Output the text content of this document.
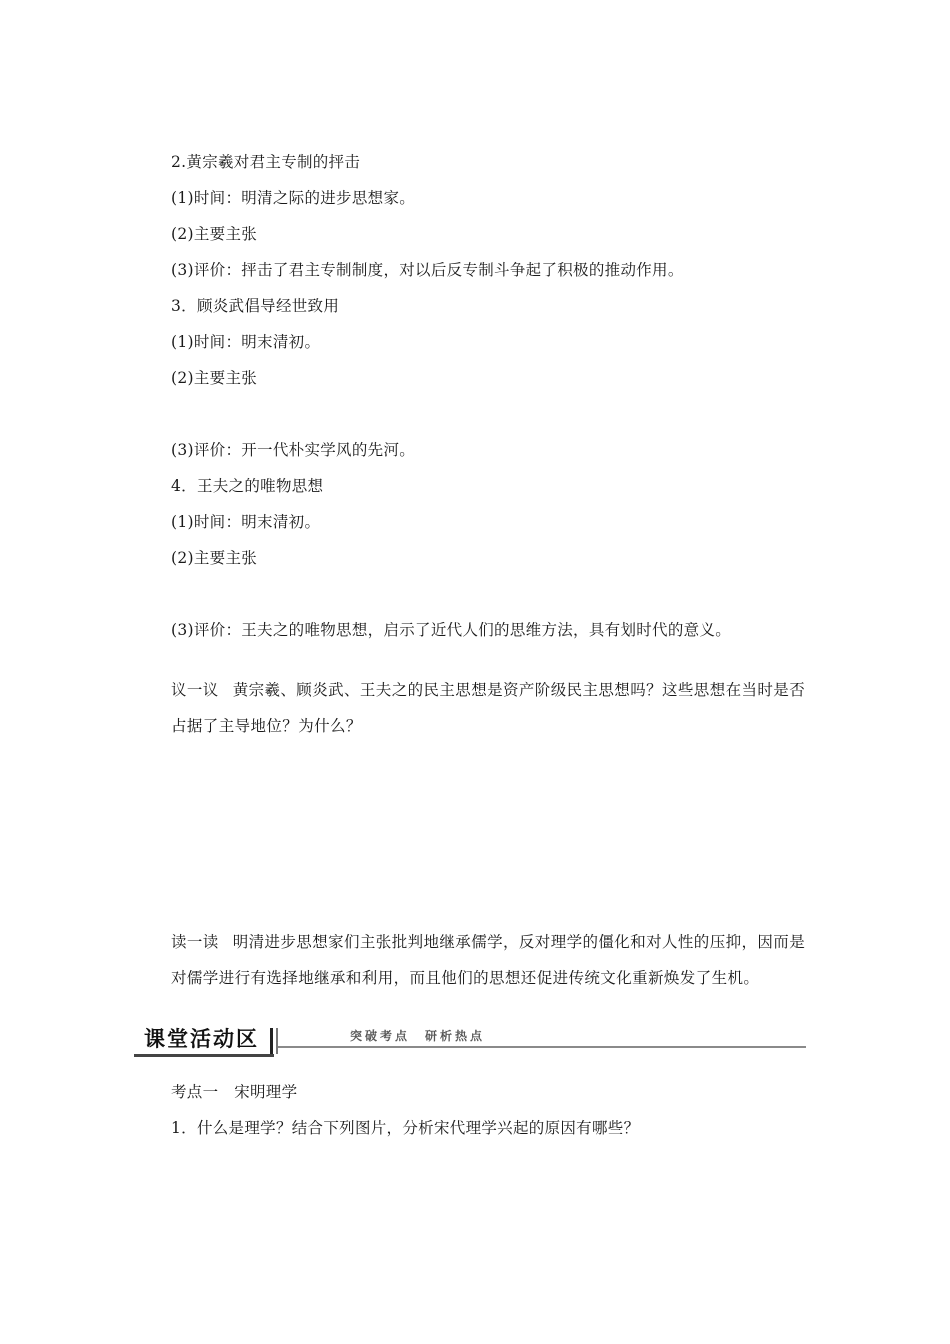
2.黄宗羲对君主专制的抨击
(1)时间：明清之际的进步思想家。
(2)主要主张
(3)评价：抨击了君主专制制度，对以后反专制斗争起了积极的推动作用。
3．顾炎武倡导经世致用
(1)时间：明末清初。
(2)主要主张
(3)评价：开一代朴实学风的先河。
4．王夫之的唯物思想
(1)时间：明末清初。
(2)主要主张
(3)评价：王夫之的唯物思想，启示了近代人们的思维方法，具有划时代的意义。
议一议 黄宗羲、顾炎武、王夫之的民主思想是资产阶级民主思想吗？这些思想在当时是否占据了主导地位？为什么？
读一读 明清进步思想家们主张批判地继承儒学，反对理学的僵化和对人性的压抑，因而是对儒学进行有选择地继承和利用，而且他们的思想还促进传统文化重新焕发了生机。
课堂活动区	突破考点　研析热点
考点一　宋明理学
1．什么是理学？结合下列图片，分析宋代理学兴起的原因有哪些？
